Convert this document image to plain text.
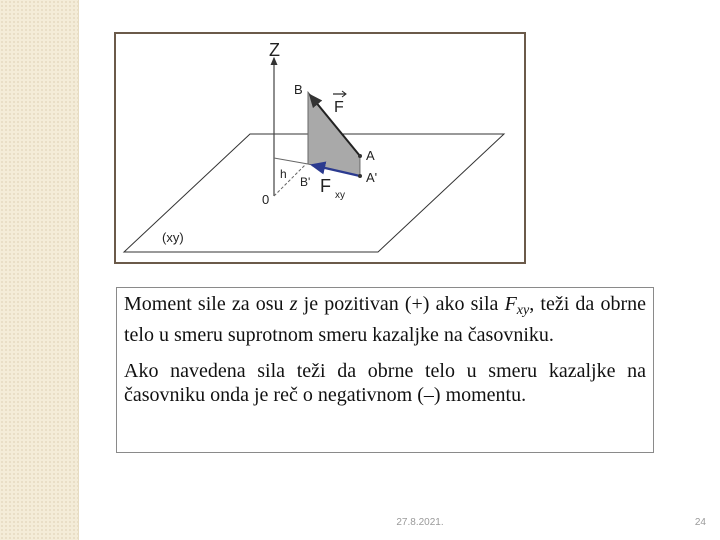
Z
B
F
A
A'
h
B' F xy
0
(xy)

Moment sile za osu z je pozitivan (+) ako sila $F_{xy}$, teži da obrne telo u smeru suprotnom smeru kazaljke na časovniku.

Ako navedena sila teži da obrne telo u smeru kazaljke na časovniku onda je reč o negativnom (–) momentu.

27.8.2021.	24
